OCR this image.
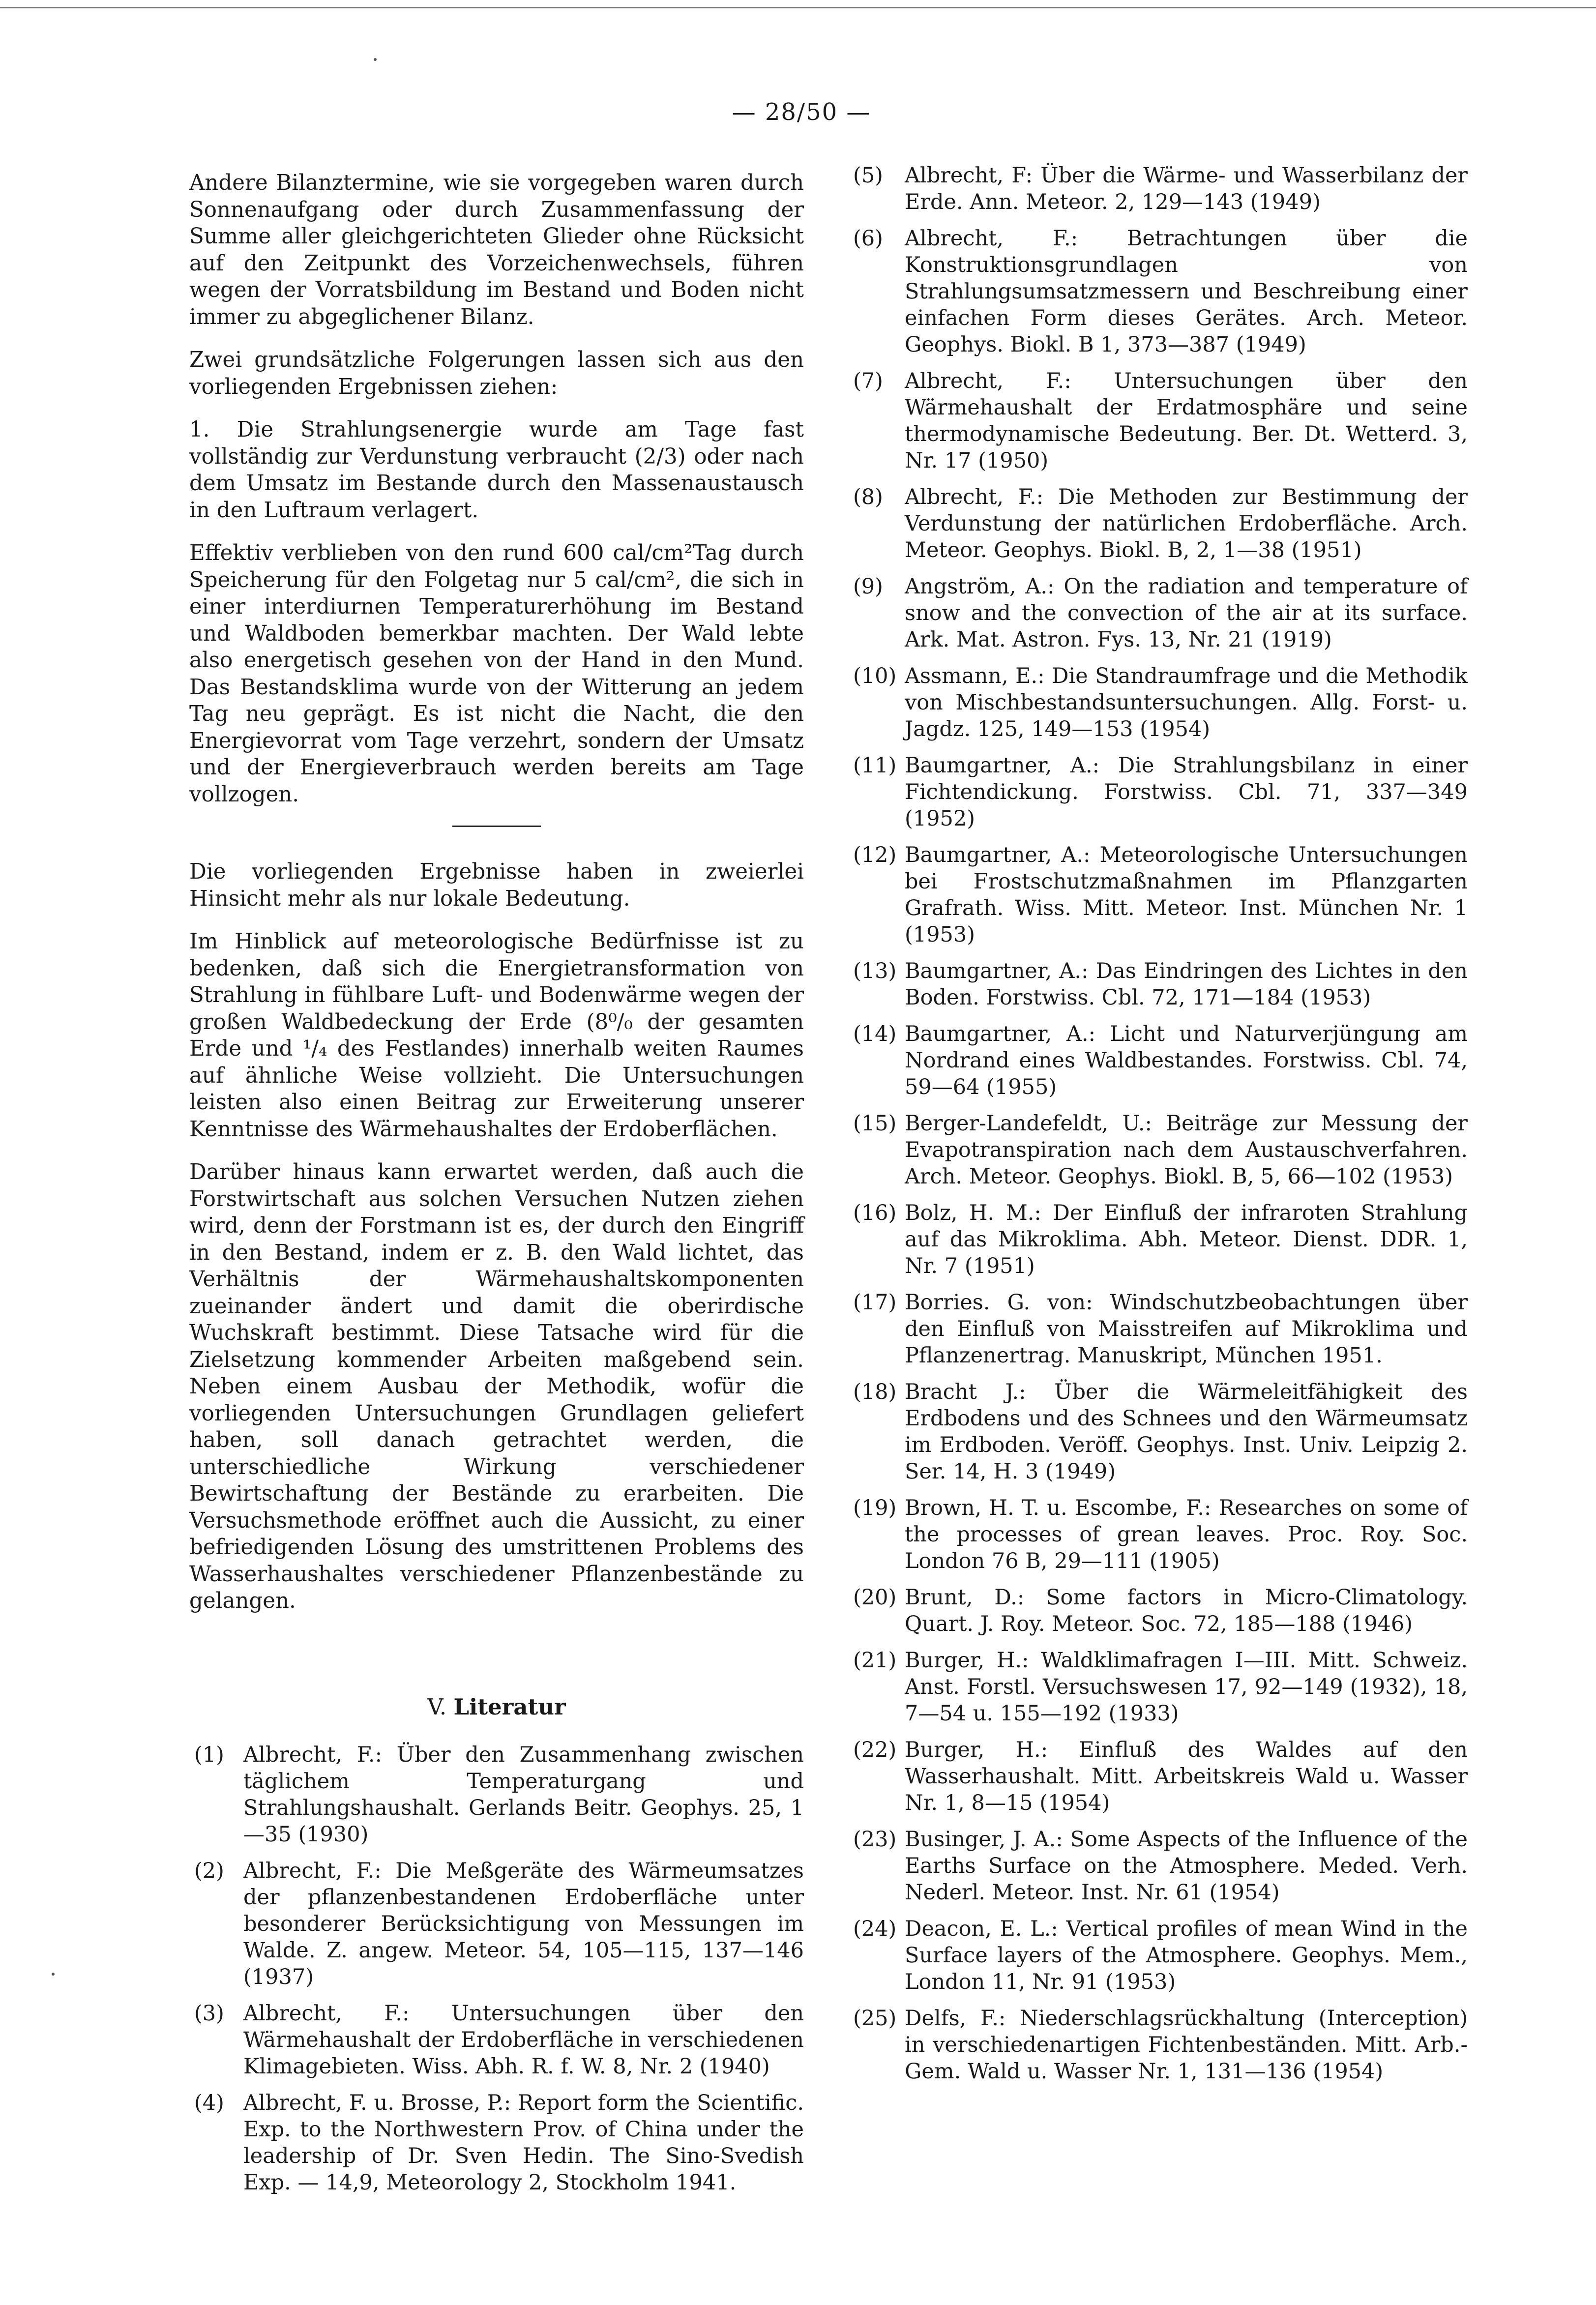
— 28/50 —

Andere Bilanztermine, wie sie vorgegeben waren durch Sonnenaufgang oder durch Zusammenfassung der Summe aller gleichgerichteten Glieder ohne Rücksicht auf den Zeitpunkt des Vorzeichenwechsels, führen wegen der Vorratsbildung im Bestand und Boden nicht immer zu abgeglichener Bilanz.

Zwei grundsätzliche Folgerungen lassen sich aus den vorliegenden Ergebnissen ziehen:

1. Die Strahlungsenergie wurde am Tage fast vollständig zur Verdunstung verbraucht (2/3) oder nach dem Umsatz im Bestande durch den Massenaustausch in den Luftraum verlagert.

Effektiv verblieben von den rund 600 cal/cm²Tag durch Speicherung für den Folgetag nur 5 cal/cm², die sich in einer interdiurnen Temperaturerhöhung im Bestand und Waldboden bemerkbar machten. Der Wald lebte also energetisch gesehen von der Hand in den Mund. Das Bestandsklima wurde von der Witterung an jedem Tag neu geprägt. Es ist nicht die Nacht, die den Energievorrat vom Tage verzehrt, sondern der Umsatz und der Energieverbrauch werden bereits am Tage vollzogen.

Die vorliegenden Ergebnisse haben in zweierlei Hinsicht mehr als nur lokale Bedeutung.

Im Hinblick auf meteorologische Bedürfnisse ist zu bedenken, daß sich die Energietransformation von Strahlung in fühlbare Luft- und Bodenwärme wegen der großen Waldbedeckung der Erde (8⁰/₀ der gesamten Erde und ¹/₄ des Festlandes) innerhalb weiten Raumes auf ähnliche Weise vollzieht. Die Untersuchungen leisten also einen Beitrag zur Erweiterung unserer Kenntnisse des Wärmehaushaltes der Erdoberflächen.

Darüber hinaus kann erwartet werden, daß auch die Forstwirtschaft aus solchen Versuchen Nutzen ziehen wird, denn der Forstmann ist es, der durch den Eingriff in den Bestand, indem er z. B. den Wald lichtet, das Verhältnis der Wärmehaushaltskomponenten zueinander ändert und damit die oberirdische Wuchskraft bestimmt. Diese Tatsache wird für die Zielsetzung kommender Arbeiten maßgebend sein. Neben einem Ausbau der Methodik, wofür die vorliegenden Untersuchungen Grundlagen geliefert haben, soll danach getrachtet werden, die unterschiedliche Wirkung verschiedener Bewirtschaftung der Bestände zu erarbeiten. Die Versuchsmethode eröffnet auch die Aussicht, zu einer befriedigenden Lösung des umstrittenen Problems des Wasserhaushaltes verschiedener Pflanzenbestände zu gelangen.

V. Literatur
(1) Albrecht, F.: Über den Zusammenhang zwischen täglichem Temperaturgang und Strahlungshaushalt. Gerlands Beitr. Geophys. 25, 1—35 (1930)
(2) Albrecht, F.: Die Meßgeräte des Wärmeumsatzes der pflanzenbestandenen Erdoberfläche unter besonderer Berücksichtigung von Messungen im Walde. Z. angew. Meteor. 54, 105—115, 137—146 (1937)
(3) Albrecht, F.: Untersuchungen über den Wärmehaushalt der Erdoberfläche in verschiedenen Klimagebieten. Wiss. Abh. R. f. W. 8, Nr. 2 (1940)
(4) Albrecht, F. u. Brosse, P.: Report form the Scientific. Exp. to the Northwestern Prov. of China under the leadership of Dr. Sven Hedin. The Sino-Svedish Exp. — 14,9, Meteorology 2, Stockholm 1941.
(5)	Albrecht, F: Über die Wärme- und Wasserbilanz der Erde. Ann. Meteor. 2, 129—143 (1949)
(6)	Albrecht, F.: Betrachtungen über die Konstruktionsgrundlagen von Strahlungsumsatzmessern und Beschreibung einer einfachen Form dieses Gerätes. Arch. Meteor. Geophys. Biokl. B 1, 373—387 (1949)
(7)	Albrecht, F.: Untersuchungen über den Wärmehaushalt der Erdatmosphäre und seine thermodynamische Bedeutung. Ber. Dt. Wetterd. 3, Nr. 17 (1950)
(8)	Albrecht, F.: Die Methoden zur Bestimmung der Verdunstung der natürlichen Erdoberfläche. Arch. Meteor. Geophys. Biokl. B, 2, 1—38 (1951)
(9)	Angström, A.: On the radiation and temperature of snow and the convection of the air at its surface. Ark. Mat. Astron. Fys. 13, Nr. 21 (1919)
(10) Assmann, E.: Die Standraumfrage und die Methodik von Mischbestandsuntersuchungen. Allg. Forst- u. Jagdz. 125, 149—153 (1954)
(11) Baumgartner, A.: Die Strahlungsbilanz in einer Fichtendickung. Forstwiss. Cbl. 71, 337—349 (1952)
(12) Baumgartner, A.: Meteorologische Untersuchungen bei Frostschutzmaßnahmen im Pflanzgarten Grafrath. Wiss. Mitt. Meteor. Inst. München Nr. 1 (1953)
(13) Baumgartner, A.: Das Eindringen des Lichtes in den Boden. Forstwiss. Cbl. 72, 171—184 (1953)
(14) Baumgartner, A.: Licht und Naturverjüngung am Nordrand eines Waldbestandes. Forstwiss. Cbl. 74, 59—64 (1955)
(15) Berger-Landefeldt, U.: Beiträge zur Messung der Evapotranspiration nach dem Austauschverfahren. Arch. Meteor. Geophys. Biokl. B, 5, 66—102 (1953)
(16) Bolz, H. M.: Der Einfluß der infraroten Strahlung auf das Mikroklima. Abh. Meteor. Dienst. DDR. 1, Nr. 7 (1951)
(17) Borries. G. von: Windschutzbeobachtungen über den Einfluß von Maisstreifen auf Mikroklima und Pflanzenertrag. Manuskript, München 1951.
(18) Bracht J.: Über die Wärmeleitfähigkeit des Erdbodens und des Schnees und den Wärmeumsatz im Erdboden. Veröff. Geophys. Inst. Univ. Leipzig 2. Ser. 14, H. 3 (1949)
(19) Brown, H. T. u. Escombe, F.: Researches on some of the processes of grean leaves. Proc. Roy. Soc. London 76 B, 29—111 (1905)
(20) Brunt, D.: Some factors in Micro-Climatology. Quart. J. Roy. Meteor. Soc. 72, 185—188 (1946)
(21) Burger, H.: Waldklimafragen I—III. Mitt. Schweiz. Anst. Forstl. Versuchswesen 17, 92—149 (1932), 18, 7—54 u. 155—192 (1933)
(22) Burger, H.: Einfluß des Waldes auf den Wasserhaushalt. Mitt. Arbeitskreis Wald u. Wasser Nr. 1, 8—15 (1954)
(23) Businger, J. A.: Some Aspects of the Influence of the Earths Surface on the Atmosphere. Meded. Verh. Nederl. Meteor. Inst. Nr. 61 (1954)
(24) Deacon, E. L.: Vertical profiles of mean Wind in the Surface layers of the Atmosphere. Geophys. Mem., London 11, Nr. 91 (1953)
(25) Delfs, F.: Niederschlagsrückhaltung (Interception) in verschiedenartigen Fichtenbeständen. Mitt. Arb.-Gem. Wald u. Wasser Nr. 1, 131—136 (1954)
